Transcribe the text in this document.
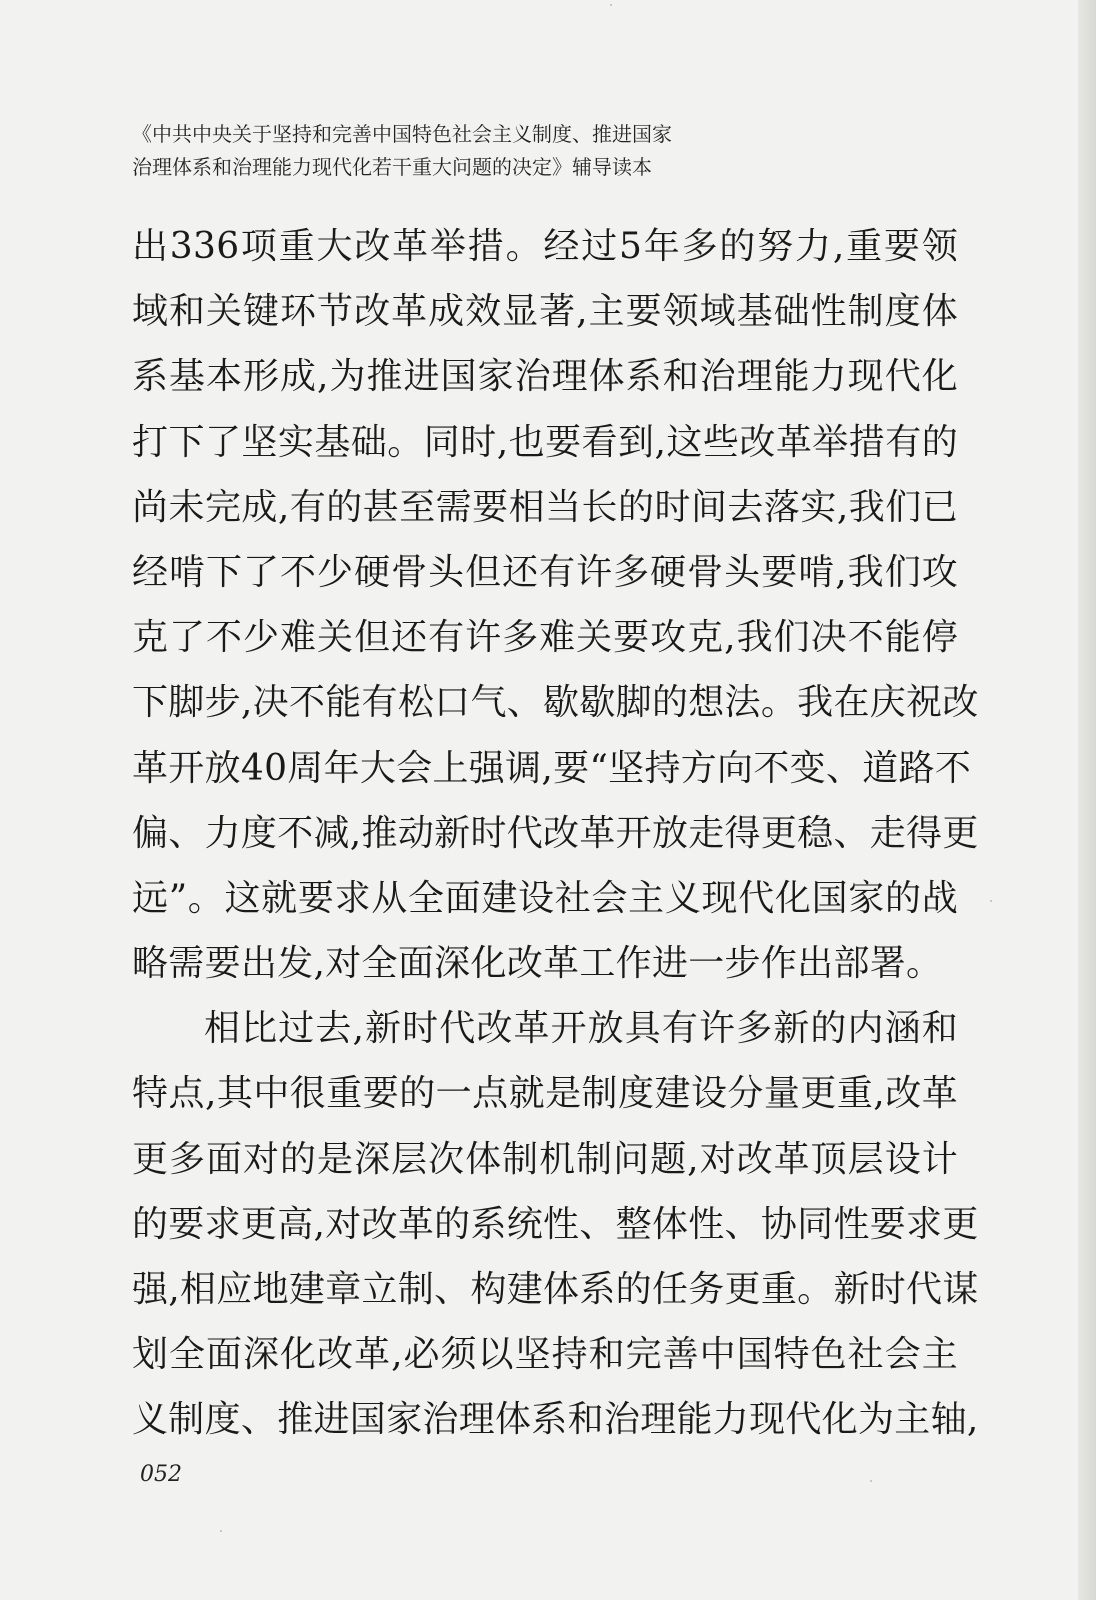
《中共中央关于坚持和完善中国特色社会主义制度、推进国家
治理体系和治理能力现代化若干重大问题的决定》辅导读本
出336项重大改革举措。经过5年多的努力,重要领
域和关键环节改革成效显著,主要领域基础性制度体
系基本形成,为推进国家治理体系和治理能力现代化
打下了坚实基础。同时,也要看到,这些改革举措有的
尚未完成,有的甚至需要相当长的时间去落实,我们已
经啃下了不少硬骨头但还有许多硬骨头要啃,我们攻
克了不少难关但还有许多难关要攻克,我们决不能停
下脚步,决不能有松口气、歇歇脚的想法。我在庆祝改
革开放40周年大会上强调,要“坚持方向不变、道路不
偏、力度不减,推动新时代改革开放走得更稳、走得更
远”。这就要求从全面建设社会主义现代化国家的战
略需要出发,对全面深化改革工作进一步作出部署。
相比过去,新时代改革开放具有许多新的内涵和
特点,其中很重要的一点就是制度建设分量更重,改革
更多面对的是深层次体制机制问题,对改革顶层设计
的要求更高,对改革的系统性、整体性、协同性要求更
强,相应地建章立制、构建体系的任务更重。新时代谋
划全面深化改革,必须以坚持和完善中国特色社会主
义制度、推进国家治理体系和治理能力现代化为主轴,
052
